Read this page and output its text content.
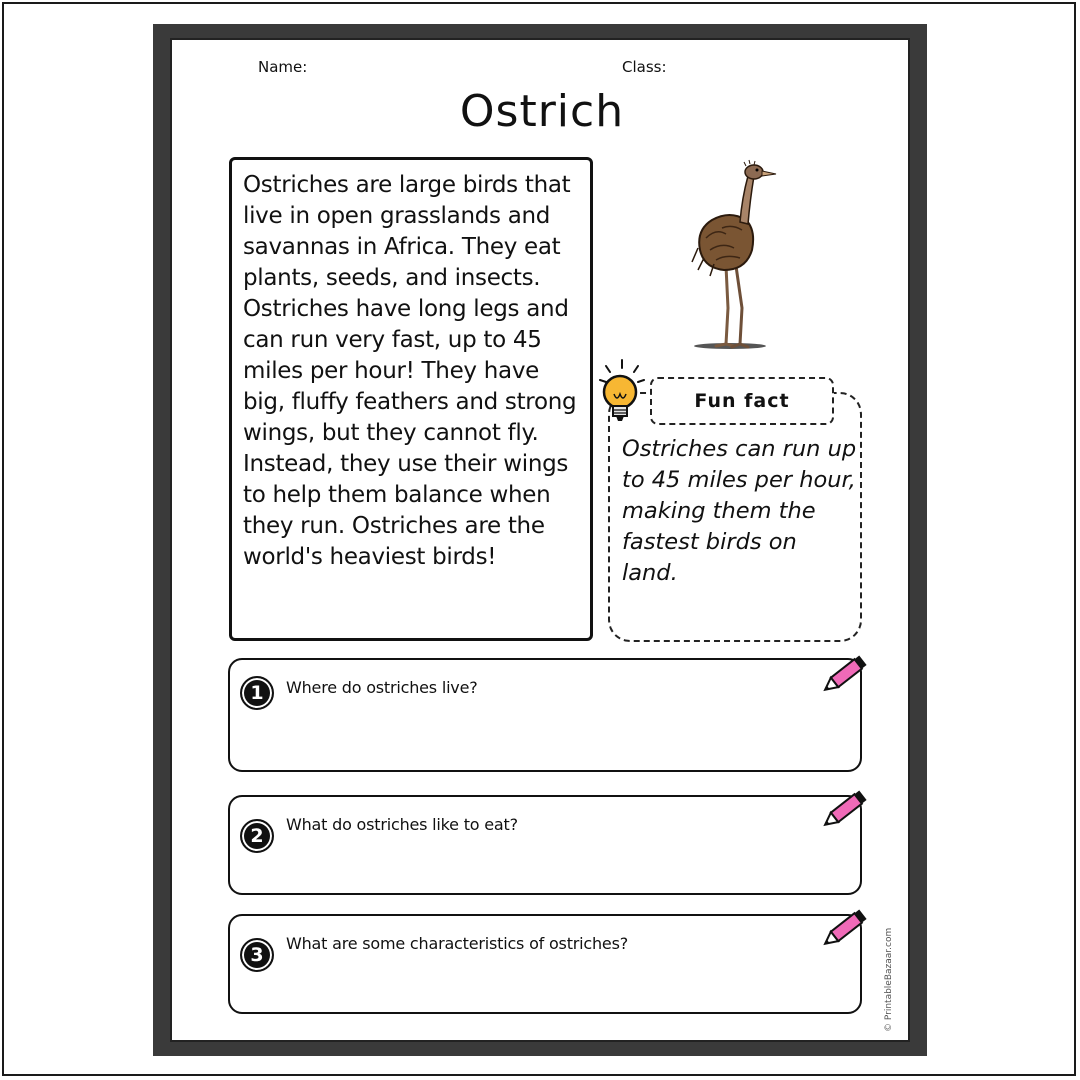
Name:	Class:
Ostrich
Ostriches are large birds that live in open grasslands and savannas in Africa. They eat plants, seeds, and insects. Ostriches have long legs and can run very fast, up to 45 miles per hour! They have big, fluffy feathers and strong wings, but they cannot fly. Instead, they use their wings to help them balance when they run. Ostriches are the world's heaviest birds!
Fun fact
Ostriches can run up to 45 miles per hour, making them the fastest birds on land.
1	Where do ostriches live?
2
What do ostriches like to eat?
3
What are some characteristics of ostriches?	© PrintableBazaar.com
